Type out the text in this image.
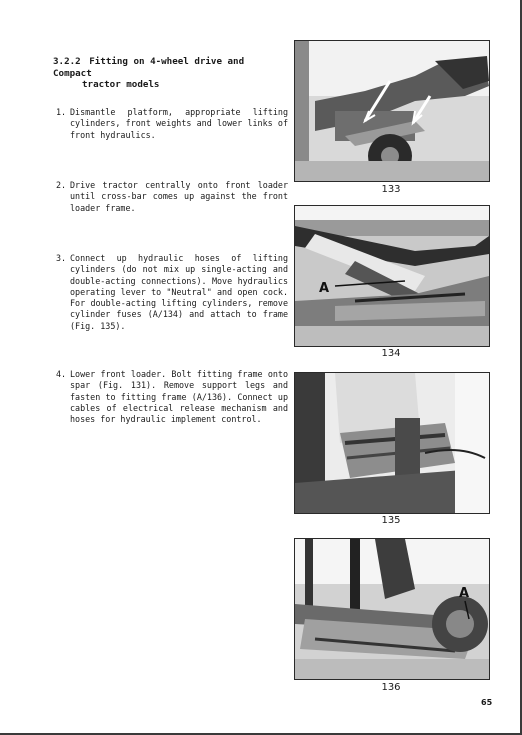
3.2.2 Fitting on 4-wheel drive and Compact
tractor models
1. Dismantle platform, appropriate lifting cylinders, front weights and lower links of front hydraulics.
2. Drive tractor centrally onto front loader until cross-bar comes up against the front loader frame.
3. Connect up hydraulic hoses of lifting cylinders (do not mix up single-acting and double-acting connections). Move hydraulics operating lever to "Neutral" and open cock. For double-acting lifting cylinders, remove cylinder fuses (A/134) and attach to frame (Fig. 135).
4. Lower front loader. Bolt fitting frame onto spar (Fig. 131). Remove support legs and fasten to fitting frame (A/136). Connect up cables of electrical release mechanism and hoses for hydraulic implement control.
133
A
134
135
A
136
65
